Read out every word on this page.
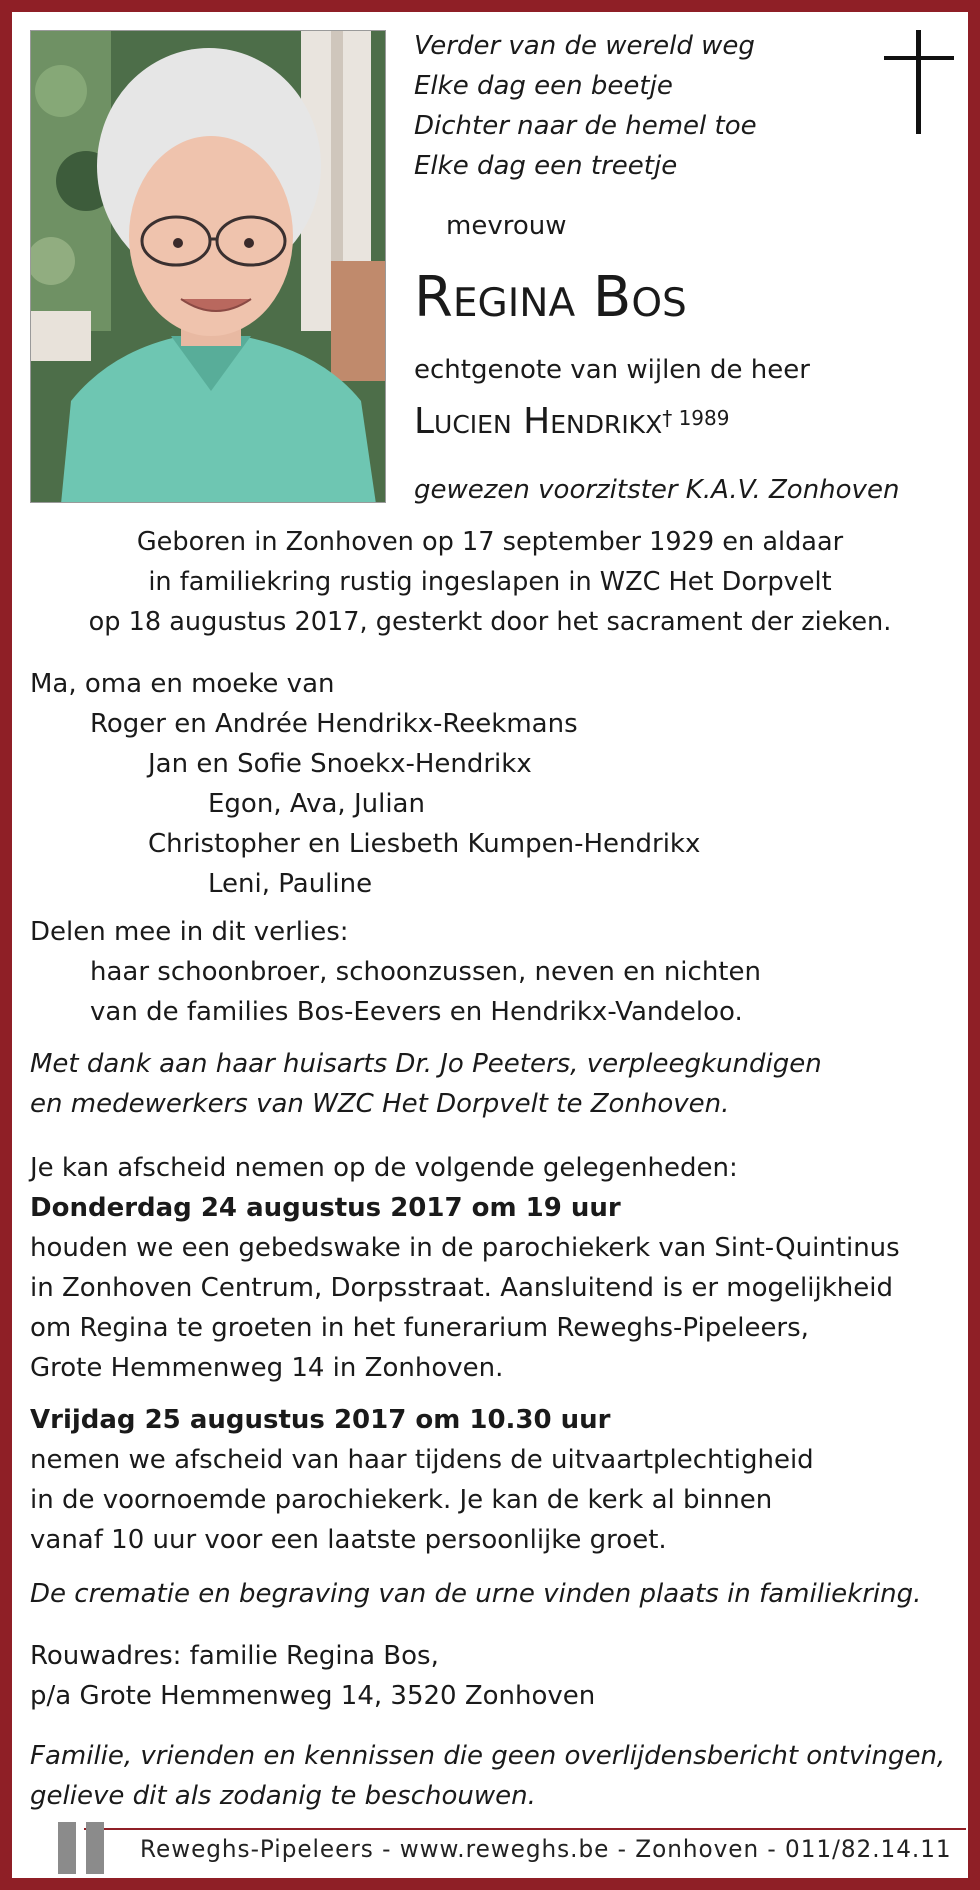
Verder van de wereld weg
Elke dag een beetje
Dichter naar de hemel toe
Elke dag een treetje
mevrouw
Regina Bos
echtgenote van wijlen de heer
Lucien Hendrikx$^{\dagger 1989}$
gewezen voorzitster K.A.V. Zonhoven
Geboren in Zonhoven op 17 september 1929 en aldaar
in familiekring rustig ingeslapen in WZC Het Dorpvelt
op 18 augustus 2017, gesterkt door het sacrament der zieken.
Ma, oma en moeke van
Roger en Andrée Hendrikx-Reekmans
Jan en Sofie Snoekx-Hendrikx
Egon, Ava, Julian
Christopher en Liesbeth Kumpen-Hendrikx
Leni, Pauline
Delen mee in dit verlies:
haar schoonbroer, schoonzussen, neven en nichten
van de families Bos-Eevers en Hendrikx-Vandeloo.
Met dank aan haar huisarts Dr. Jo Peeters, verpleegkundigen
en medewerkers van WZC Het Dorpvelt te Zonhoven.
Je kan afscheid nemen op de volgende gelegenheden:
Donderdag 24 augustus 2017 om 19 uur
houden we een gebedswake in de parochiekerk van Sint-Quintinus
in Zonhoven Centrum, Dorpsstraat. Aansluitend is er mogelijkheid
om Regina te groeten in het funerarium Reweghs-Pipeleers,
Grote Hemmenweg 14 in Zonhoven.
Vrijdag 25 augustus 2017 om 10.30 uur
nemen we afscheid van haar tijdens de uitvaartplechtigheid
in de voornoemde parochiekerk. Je kan de kerk al binnen
vanaf 10 uur voor een laatste persoonlijke groet.
De crematie en begraving van de urne vinden plaats in familiekring.
Rouwadres: familie Regina Bos,
p/a Grote Hemmenweg 14, 3520 Zonhoven
Familie, vrienden en kennissen die geen overlijdensbericht ontvingen,
gelieve dit als zodanig te beschouwen.
Reweghs-Pipeleers - www.reweghs.be - Zonhoven - 011/82.14.11
